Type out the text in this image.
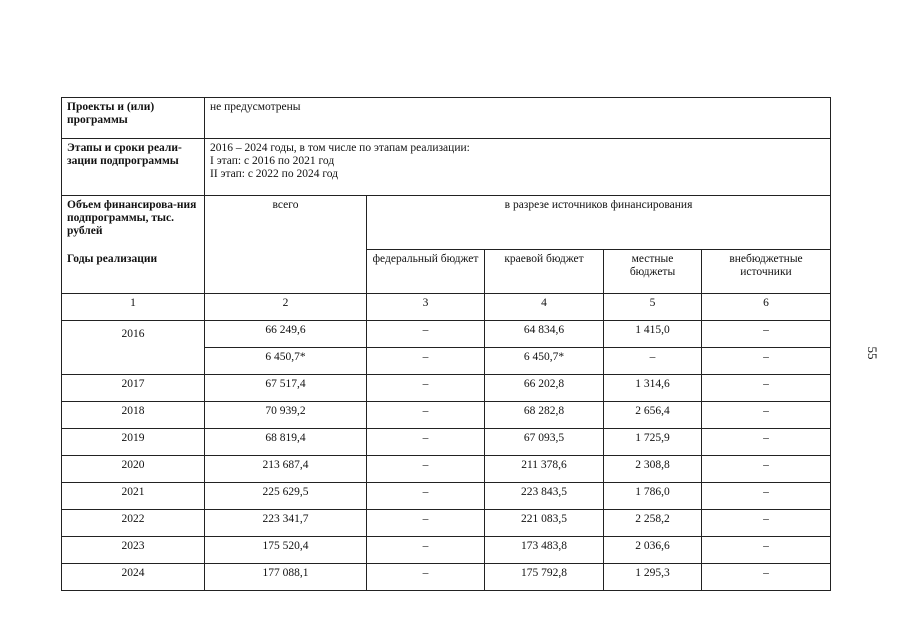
55
Проекты и (или) программы	не предусмотрены				
Этапы и сроки реали-зации подпрограммы	2016 – 2024 годы, в том числе по этапам реализации:
I этап: с 2016 по 2021 год
II этап: с 2022 по 2024 год				

Объем финансирова-ния подпрограммы, тыс. рублей	всего	в разрезе источников финансирования			
Годы реализации		федеральный бюджет	краевой бюджет	местные бюджеты	внебюджетные источники
1	2	3	4	5	6
2016	66 249,6	–	64 834,6	1 415,0	–
	6 450,7*	–	6 450,7*	–	–
2017	67 517,4	–	66 202,8	1 314,6	–
2018	70 939,2	–	68 282,8	2 656,4	–
2019	68 819,4	–	67 093,5	1 725,9	–
2020	213 687,4	–	211 378,6	2 308,8	–
2021	225 629,5	–	223 843,5	1 786,0	–
2022	223 341,7	–	221 083,5	2 258,2	–
2023	175 520,4	–	173 483,8	2 036,6	–
2024	177 088,1	–	175 792,8	1 295,3	–
